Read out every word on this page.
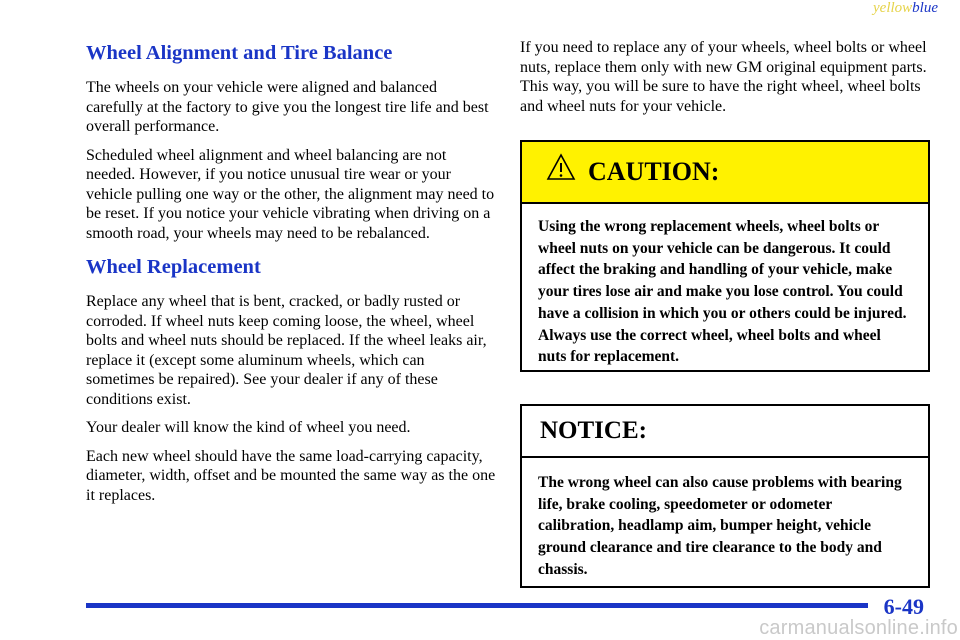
yellowblue
Wheel Alignment and Tire Balance

The wheels on your vehicle were aligned and balanced carefully at the factory to give you the longest tire life and best overall performance.

Scheduled wheel alignment and wheel balancing are not needed. However, if you notice unusual tire wear or your vehicle pulling one way or the other, the alignment may need to be reset. If you notice your vehicle vibrating when driving on a smooth road, your wheels may need to be rebalanced.

Wheel Replacement

Replace any wheel that is bent, cracked, or badly rusted or corroded. If wheel nuts keep coming loose, the wheel, wheel bolts and wheel nuts should be replaced. If the wheel leaks air, replace it (except some aluminum wheels, which can sometimes be repaired). See your dealer if any of these conditions exist.

Your dealer will know the kind of wheel you need.

Each new wheel should have the same load‐carrying capacity, diameter, width, offset and be mounted the same way as the one it replaces.

If you need to replace any of your wheels, wheel bolts or wheel nuts, replace them only with new GM original equipment parts. This way, you will be sure to have the right wheel, wheel bolts and wheel nuts for your vehicle.

CAUTION:
Using the wrong replacement wheels, wheel bolts or wheel nuts on your vehicle can be dangerous. It could affect the braking and handling of your vehicle, make your tires lose air and make you lose control. You could have a collision in which you or others could be injured. Always use the correct wheel, wheel bolts and wheel nuts for replacement.
NOTICE:
The wrong wheel can also cause problems with bearing life, brake cooling, speedometer or odometer calibration, headlamp aim, bumper height, vehicle ground clearance and tire clearance to the body and chassis.
6-49
carmanualsonline.info
